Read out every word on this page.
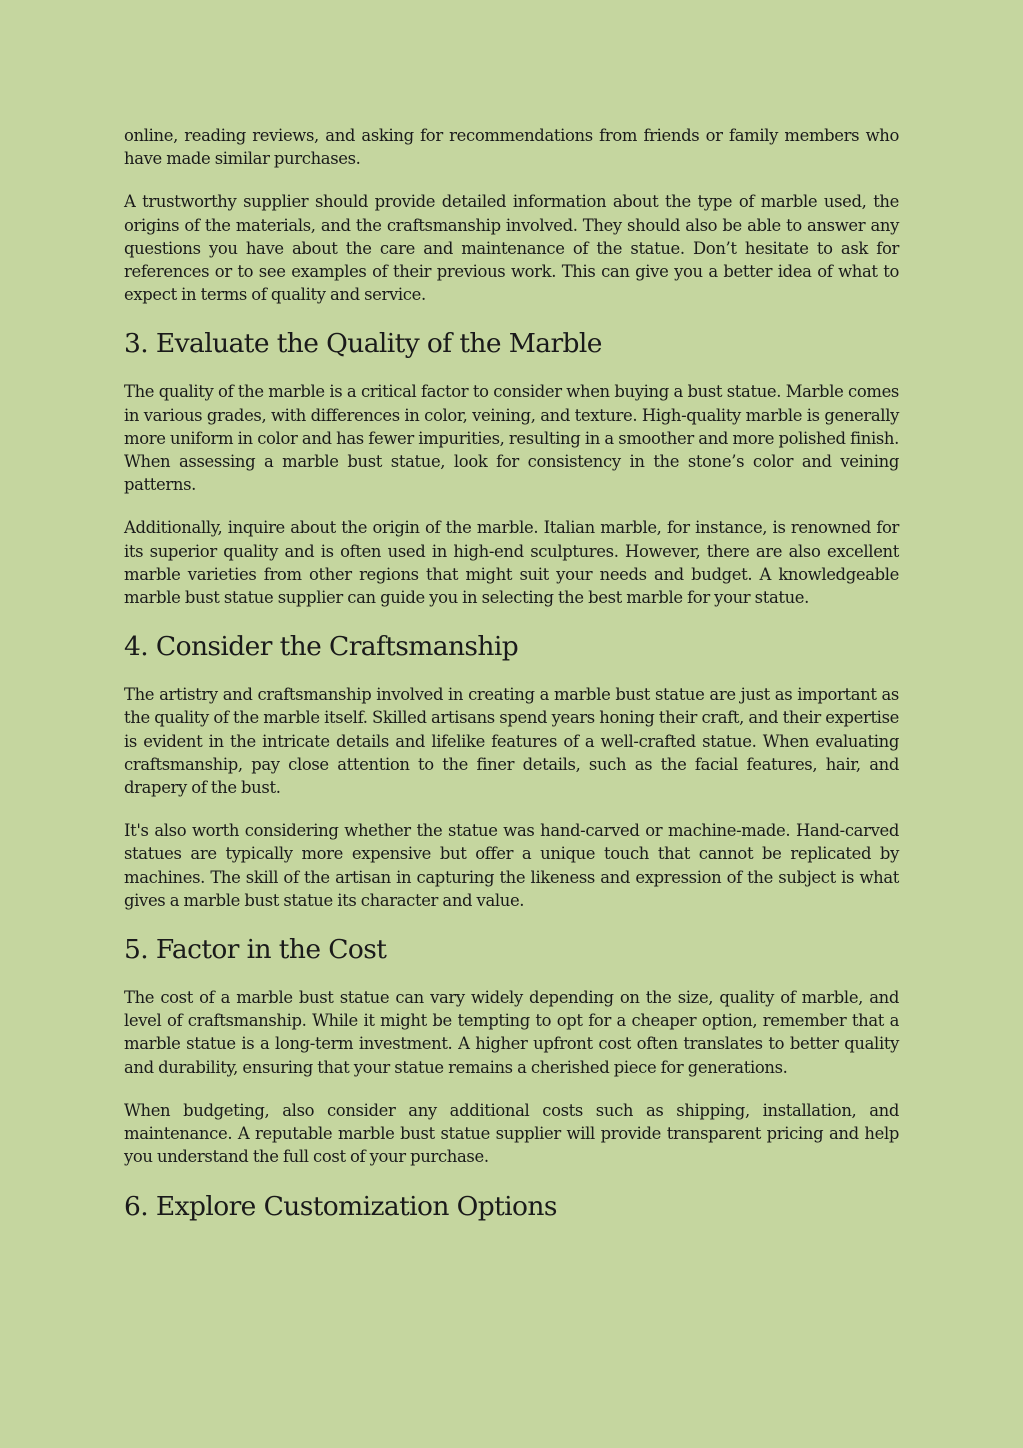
online, reading reviews, and asking for recommendations from friends or family members who have made similar purchases.

A trustworthy supplier should provide detailed information about the type of marble used, the origins of the materials, and the craftsmanship involved. They should also be able to answer any questions you have about the care and maintenance of the statue. Don’t hesitate to ask for references or to see examples of their previous work. This can give you a better idea of what to expect in terms of quality and service.

3. Evaluate the Quality of the Marble

The quality of the marble is a critical factor to consider when buying a bust statue. Marble comes in various grades, with differences in color, veining, and texture. High-quality marble is generally more uniform in color and has fewer impurities, resulting in a smoother and more polished finish. When assessing a marble bust statue, look for consistency in the stone’s color and veining patterns.

Additionally, inquire about the origin of the marble. Italian marble, for instance, is renowned for its superior quality and is often used in high-end sculptures. However, there are also excellent marble varieties from other regions that might suit your needs and budget. A knowledgeable marble bust statue supplier can guide you in selecting the best marble for your statue.

4. Consider the Craftsmanship

The artistry and craftsmanship involved in creating a marble bust statue are just as important as the quality of the marble itself. Skilled artisans spend years honing their craft, and their expertise is evident in the intricate details and lifelike features of a well-crafted statue. When evaluating craftsmanship, pay close attention to the finer details, such as the facial features, hair, and drapery of the bust.

It's also worth considering whether the statue was hand-carved or machine-made. Hand-carved statues are typically more expensive but offer a unique touch that cannot be replicated by machines. The skill of the artisan in capturing the likeness and expression of the subject is what gives a marble bust statue its character and value.

5. Factor in the Cost

The cost of a marble bust statue can vary widely depending on the size, quality of marble, and level of craftsmanship. While it might be tempting to opt for a cheaper option, remember that a marble statue is a long-term investment. A higher upfront cost often translates to better quality and durability, ensuring that your statue remains a cherished piece for generations.

When budgeting, also consider any additional costs such as shipping, installation, and maintenance. A reputable marble bust statue supplier will provide transparent pricing and help you understand the full cost of your purchase.

6. Explore Customization Options
